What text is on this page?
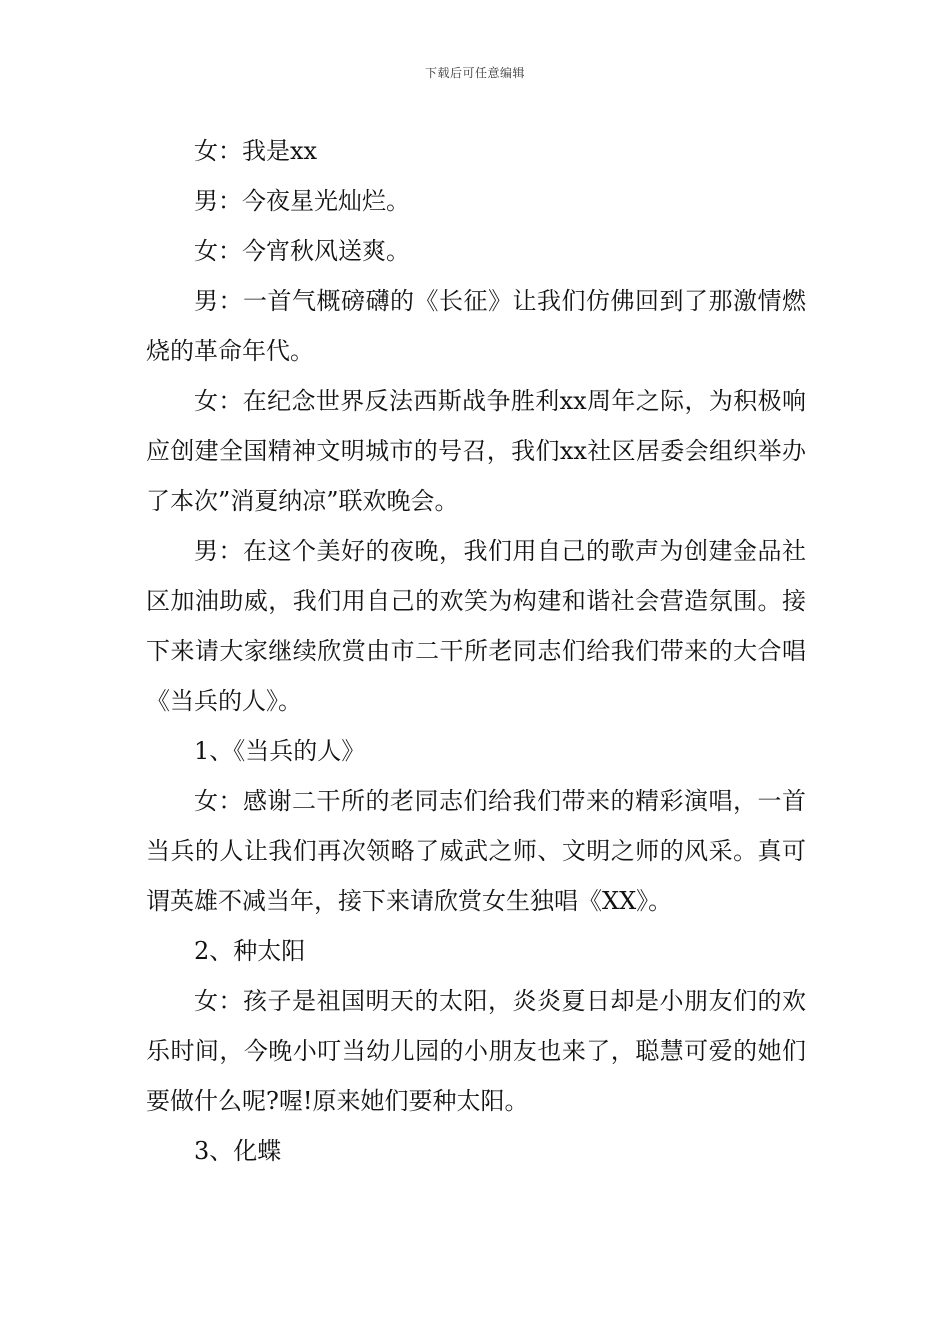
下载后可任意编辑

女：我是xx

男：今夜星光灿烂。

女：今宵秋风送爽。

男：一首气概磅礴的《长征》让我们仿佛回到了那激情燃烧的革命年代。

女：在纪念世界反法西斯战争胜利xx周年之际，为积极响应创建全国精神文明城市的号召，我们xx社区居委会组织举办了本次”消夏纳凉”联欢晚会。

男：在这个美好的夜晚，我们用自己的歌声为创建金品社区加油助威，我们用自己的欢笑为构建和谐社会营造氛围。接下来请大家继续欣赏由市二干所老同志们给我们带来的大合唱《当兵的人》。

1、《当兵的人》

女：感谢二干所的老同志们给我们带来的精彩演唱，一首当兵的人让我们再次领略了威武之师、文明之师的风采。真可谓英雄不减当年，接下来请欣赏女生独唱《XX》。

2、种太阳

女：孩子是祖国明天的太阳，炎炎夏日却是小朋友们的欢乐时间，今晚小叮当幼儿园的小朋友也来了，聪慧可爱的她们要做什么呢?喔!原来她们要种太阳。

3、化蝶
